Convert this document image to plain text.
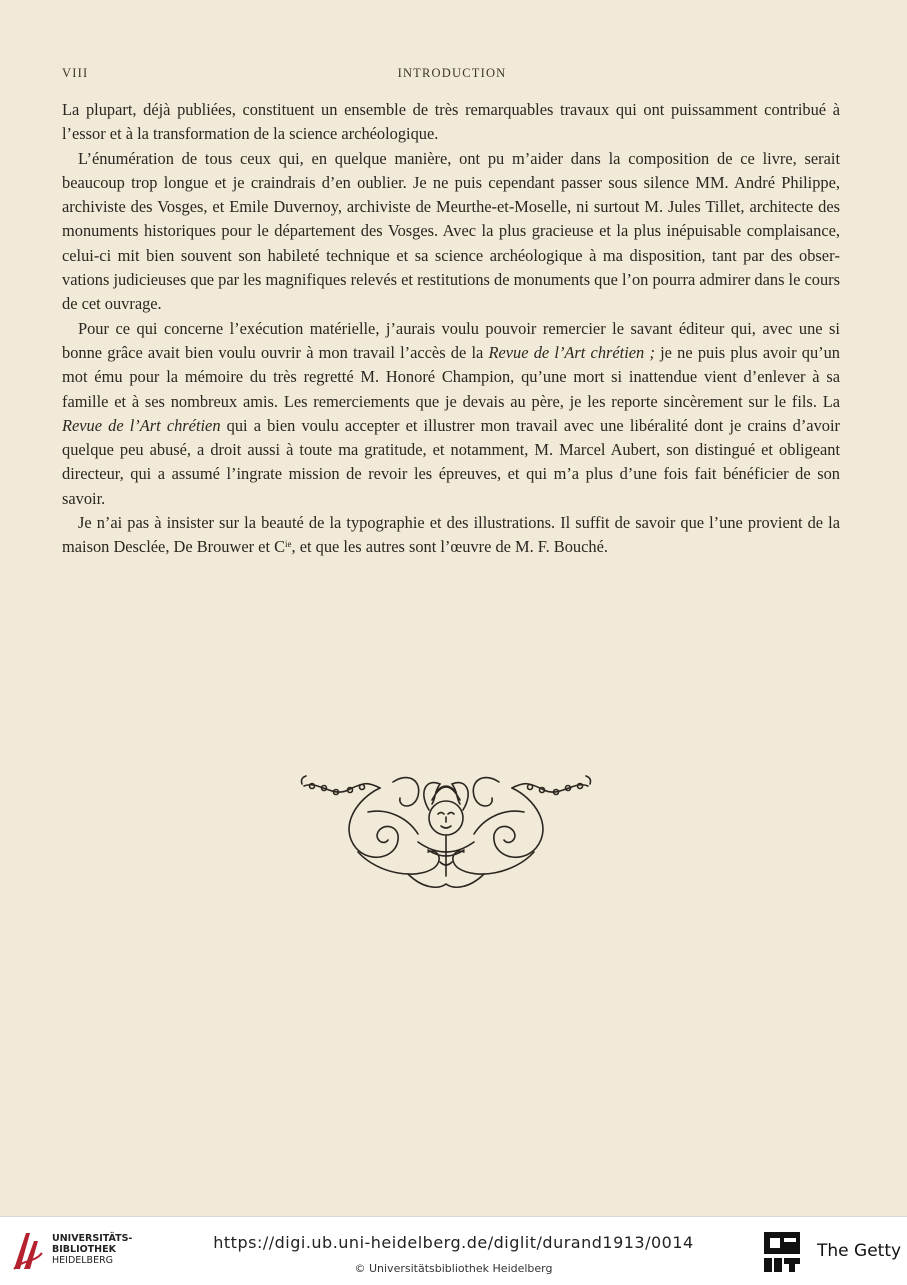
VIII	INTRODUCTION

La plupart, déjà publiées, constituent un ensemble de très remarquables travaux qui ont puissamment contribué à l’essor et à la transformation de la science archéologique.

L’énumération de tous ceux qui, en quelque manière, ont pu m’aider dans la composition de ce livre, serait beaucoup trop longue et je craindrais d’en oublier. Je ne puis cependant passer sous silence MM. André Philippe, archiviste des Vosges, et Emile Duvernoy, archiviste de Meurthe-et-Moselle, ni surtout M. Jules Tillet, architecte des monuments historiques pour le département des Vosges. Avec la plus gracieuse et la plus inépuisable complaisance, celui-ci mit bien souvent son habileté technique et sa science archéologique à ma disposition, tant par des observations judicieuses que par les magnifiques relevés et restitutions de monuments que l’on pourra admirer dans le cours de cet ouvrage.

Pour ce qui concerne l’exécution matérielle, j’aurais voulu pouvoir remercier le savant éditeur qui, avec une si bonne grâce avait bien voulu ouvrir à mon travail l’accès de la Revue de l’Art chrétien ; je ne puis plus avoir qu’un mot ému pour la mémoire du très regretté M. Honoré Champion, qu’une mort si inattendue vient d’enlever à sa famille et à ses nombreux amis. Les remerciements que je devais au père, je les reporte sincèrement sur le fils. La Revue de l’Art chrétien qui a bien voulu accepter et illustrer mon travail avec une libéralité dont je crains d’avoir quelque peu abusé, a droit aussi à toute ma gratitude, et notamment, M. Marcel Aubert, son distingué et obligeant directeur, qui a assumé l’ingrate mission de revoir les épreuves, et qui m’a plus d’une fois fait bénéficier de son savoir.

Je n’ai pas à insister sur la beauté de la typographie et des illustrations. Il suffit de savoir que l’une provient de la maison Desclée, De Brouwer et $C^{ie}$, et que les autres sont l’œuvre de M. F. Bouché.

UNIVERSITÄTS-
BIBLIOTHEK
HEIDELBERG
https://digi.ub.uni-heidelberg.de/diglit/durand1913/0014
© Universitätsbibliothek Heidelberg
The Getty
